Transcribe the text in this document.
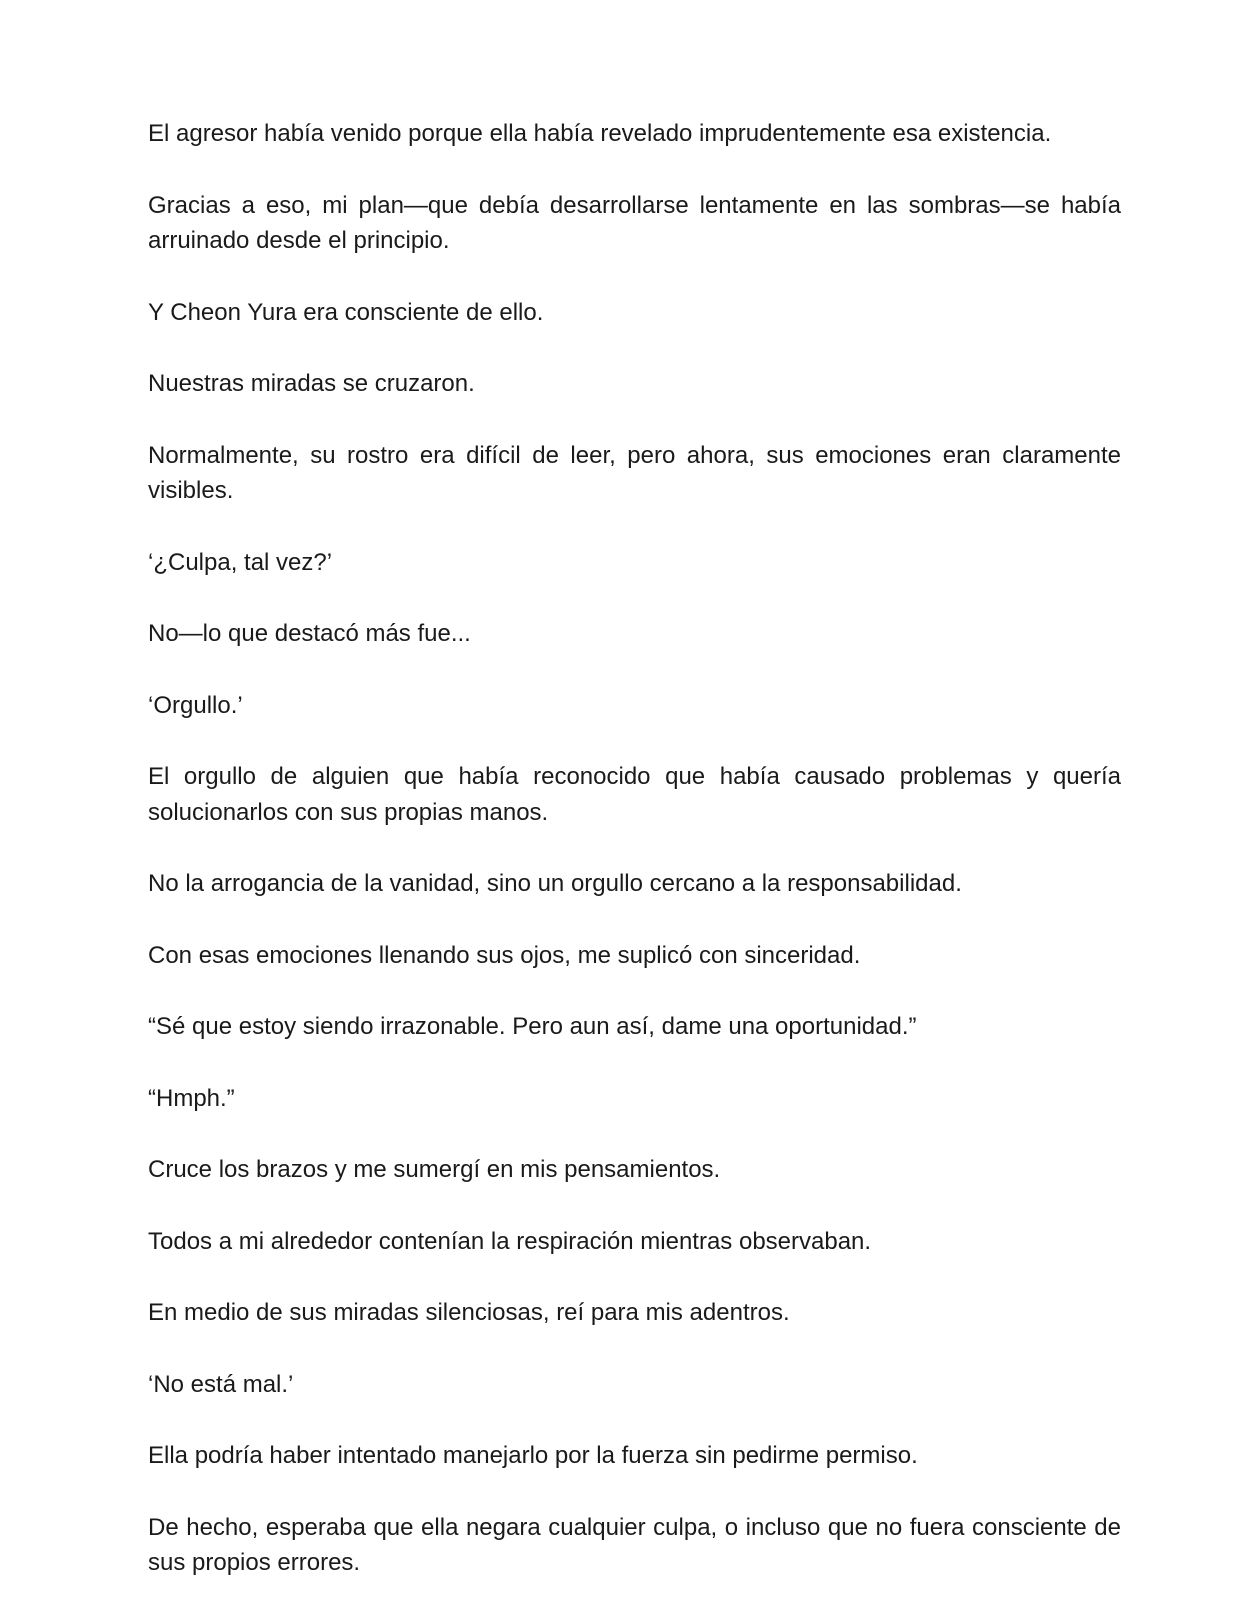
El agresor había venido porque ella había revelado imprudentemente esa existencia.

Gracias a eso, mi plan—que debía desarrollarse lentamente en las sombras—se había arruinado desde el principio.

Y Cheon Yura era consciente de ello.

Nuestras miradas se cruzaron.

Normalmente, su rostro era difícil de leer, pero ahora, sus emociones eran claramente visibles.

‘¿Culpa, tal vez?’

No—lo que destacó más fue...

‘Orgullo.’

El orgullo de alguien que había reconocido que había causado problemas y quería solucionarlos con sus propias manos.

No la arrogancia de la vanidad, sino un orgullo cercano a la responsabilidad.

Con esas emociones llenando sus ojos, me suplicó con sinceridad.

“Sé que estoy siendo irrazonable. Pero aun así, dame una oportunidad.”

“Hmph.”

Cruce los brazos y me sumergí en mis pensamientos.

Todos a mi alrededor contenían la respiración mientras observaban.

En medio de sus miradas silenciosas, reí para mis adentros.

‘No está mal.’

Ella podría haber intentado manejarlo por la fuerza sin pedirme permiso.

De hecho, esperaba que ella negara cualquier culpa, o incluso que no fuera consciente de sus propios errores.
